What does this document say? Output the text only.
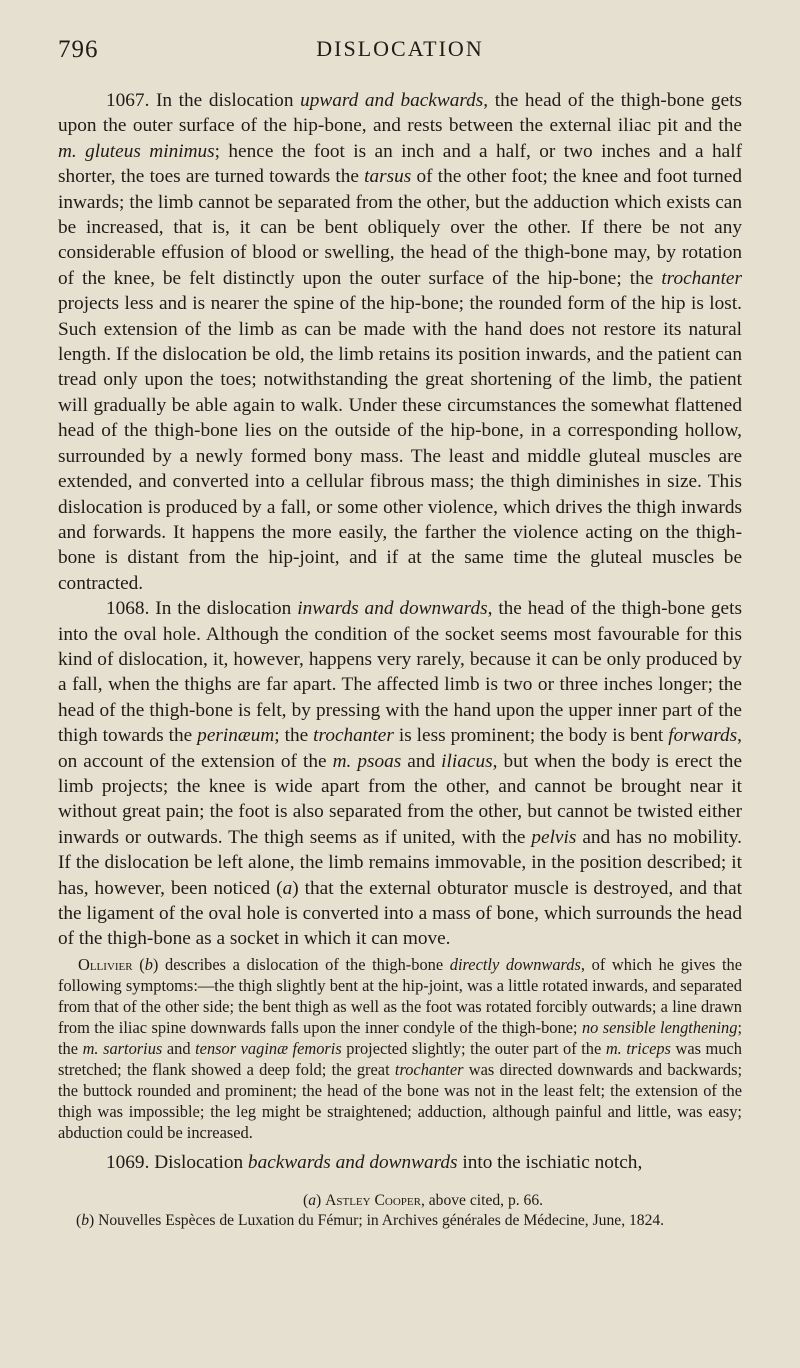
796	DISLOCATION

1067. In the dislocation upward and backwards, the head of the thigh-bone gets upon the outer surface of the hip-bone, and rests between the external iliac pit and the m. gluteus minimus; hence the foot is an inch and a half, or two inches and a half shorter, the toes are turned towards the tarsus of the other foot; the knee and foot turned inwards; the limb cannot be separated from the other, but the adduction which exists can be increased, that is, it can be bent obliquely over the other. If there be not any considerable effusion of blood or swelling, the head of the thigh-bone may, by rotation of the knee, be felt distinctly upon the outer surface of the hip-bone; the trochanter projects less and is nearer the spine of the hip-bone; the rounded form of the hip is lost. Such extension of the limb as can be made with the hand does not restore its natural length. If the dislocation be old, the limb retains its position inwards, and the patient can tread only upon the toes; notwithstanding the great shortening of the limb, the patient will gradually be able again to walk. Under these circumstances the somewhat flattened head of the thigh-bone lies on the outside of the hip-bone, in a corresponding hollow, surrounded by a newly formed bony mass. The least and middle gluteal muscles are extended, and converted into a cellular fibrous mass; the thigh diminishes in size. This dislocation is produced by a fall, or some other violence, which drives the thigh inwards and forwards. It happens the more easily, the farther the violence acting on the thigh-bone is distant from the hip-joint, and if at the same time the gluteal muscles be contracted.

1068. In the dislocation inwards and downwards, the head of the thigh-bone gets into the oval hole. Although the condition of the socket seems most favourable for this kind of dislocation, it, however, happens very rarely, because it can be only produced by a fall, when the thighs are far apart. The affected limb is two or three inches longer; the head of the thigh-bone is felt, by pressing with the hand upon the upper inner part of the thigh towards the perinæum; the trochanter is less prominent; the body is bent forwards, on account of the extension of the m. psoas and iliacus, but when the body is erect the limb projects; the knee is wide apart from the other, and cannot be brought near it without great pain; the foot is also separated from the other, but cannot be twisted either inwards or outwards. The thigh seems as if united, with the pelvis and has no mobility. If the dislocation be left alone, the limb remains immovable, in the position described; it has, however, been noticed (a) that the external obturator muscle is destroyed, and that the ligament of the oval hole is converted into a mass of bone, which surrounds the head of the thigh-bone as a socket in which it can move.

Ollivier (b) describes a dislocation of the thigh-bone directly downwards, of which he gives the following symptoms:—the thigh slightly bent at the hip-joint, was a little rotated inwards, and separated from that of the other side; the bent thigh as well as the foot was rotated forcibly outwards; a line drawn from the iliac spine downwards falls upon the inner condyle of the thigh-bone; no sensible lengthening; the m. sartorius and tensor vaginæ femoris projected slightly; the outer part of the m. triceps was much stretched; the flank showed a deep fold; the great trochanter was directed downwards and backwards; the buttock rounded and prominent; the head of the bone was not in the least felt; the extension of the thigh was impossible; the leg might be straightened; adduction, although painful and little, was easy; abduction could be increased.

1069. Dislocation backwards and downwards into the ischiatic notch,

(a) Astley Cooper, above cited, p. 66.
(b) Nouvelles Espèces de Luxation du Fémur; in Archives générales de Médecine, June, 1824.
